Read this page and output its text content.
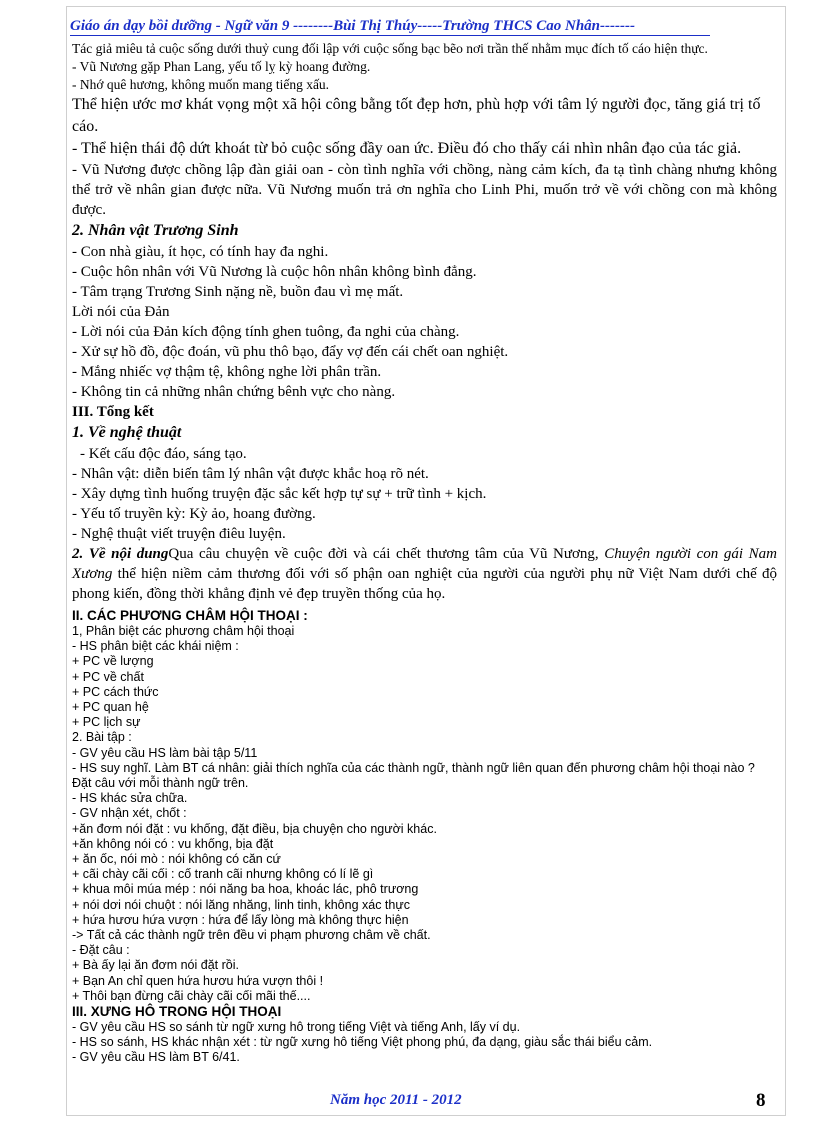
Giáo án dạy bồi dưỡng - Ngữ văn 9 --------Bùi Thị Thúy-----Trường THCS Cao Nhân-------

Tác giả miêu tả cuộc sống dưới thuỷ cung đối lập với cuộc sống bạc bẽo nơi trần thế nhằm mục đích tố cáo hiện thực.

- Vũ Nương gặp Phan Lang, yếu tố lỵ kỳ hoang đường.

- Nhớ quê hương, không muốn mang tiếng xấu.

Thể hiện ước mơ khát vọng một xã hội công bằng tốt đẹp hơn, phù hợp với tâm lý người đọc, tăng giá trị tố cáo.

- Thể hiện thái độ dứt khoát từ bỏ cuộc sống đầy oan ức. Điều đó cho thấy cái nhìn nhân đạo của tác giả.

- Vũ Nương được chồng lập đàn giải oan - còn tình nghĩa với chồng, nàng cảm kích, đa tạ tình chàng nhưng không thể trở về nhân gian được nữa. Vũ Nương muốn trả ơn nghĩa cho Linh Phi, muốn trở về với chồng con mà không được.

2. Nhân vật Trương Sinh

- Con nhà giàu, ít học, có tính hay đa nghi.

- Cuộc hôn nhân với Vũ Nương là cuộc hôn nhân không bình đẳng.

- Tâm trạng Trương Sinh nặng nề, buồn đau vì mẹ mất.

Lời nói của Đản

- Lời nói của Đản kích động tính ghen tuông, đa nghi của chàng.

- Xử sự hồ đồ, độc đoán, vũ phu thô bạo, đẩy vợ đến cái chết oan nghiệt.

- Mắng nhiếc vợ thậm tệ, không nghe lời phân trần.

- Không tin cả những nhân chứng bênh vực cho nàng.

III. Tổng kết

1. Về nghệ thuật

- Kết cấu độc đáo, sáng tạo.

- Nhân vật: diễn biến tâm lý nhân vật được khắc hoạ rõ nét.

- Xây dựng tình huống truyện đặc sắc kết hợp tự sự + trữ tình + kịch.

- Yếu tố truyền kỳ: Kỳ ảo, hoang đường.

- Nghệ thuật viết truyện điêu luyện.

2. Về nội dungQua câu chuyện về cuộc đời và cái chết thương tâm của Vũ Nương, Chuyện người con gái Nam Xương thể hiện niềm cảm thương đối với số phận oan nghiệt của người của người phụ nữ Việt Nam dưới chế độ phong kiến, đồng thời khẳng định vẻ đẹp truyền thống của họ.

II. CÁC PHƯƠNG CHÂM HỘI THOẠI :

1, Phân biệt các phương châm hội thoại

- HS phân biệt các khái niệm :

+ PC về lượng

+ PC về chất

+ PC cách thức

+ PC quan hệ

+ PC lịch sự

2. Bài tập :

- GV yêu cầu HS làm bài tập 5/11

- HS suy nghĩ. Làm BT cá nhân: giải thích nghĩa của các thành ngữ, thành ngữ liên quan đến phương châm hội thoại nào ? Đặt câu với mỗi thành ngữ trên.

- HS khác sửa chữa.

- GV nhận xét, chốt :

+ăn đơm nói đặt : vu khống, đặt điều, bịa chuyện cho người khác.

+ăn không nói có : vu khống, bịa đặt

+ ăn ốc, nói mò : nói không có căn cứ

+ cãi chày cãi cối : cố tranh cãi nhưng không có lí lẽ gì

+ khua môi múa mép : nói năng ba hoa, khoác lác, phô trương

+ nói dơi nói chuột : nói lăng nhăng, linh tinh, không xác thực

+ hứa hươu hứa vượn : hứa để lấy lòng mà không thực hiện

-> Tất cả các thành ngữ trên đều vi phạm phương châm về chất.

- Đặt câu :

+ Bà ấy lại ăn đơm nói đặt rồi.

+ Bạn An chỉ quen hứa hươu hứa vượn thôi !

+ Thôi bạn đừng cãi chày cãi cối mãi thế....

III. XƯNG HÔ TRONG HỘI THOẠI

- GV yêu cầu HS so sánh từ ngữ xưng hô trong tiếng Việt và tiếng Anh, lấy ví dụ.

- HS so sánh, HS khác nhận xét : từ ngữ xưng hô tiếng Việt phong phú, đa dạng, giàu sắc thái biểu cảm.

- GV yêu cầu HS làm BT 6/41.

Năm học 2011 - 2012	8
